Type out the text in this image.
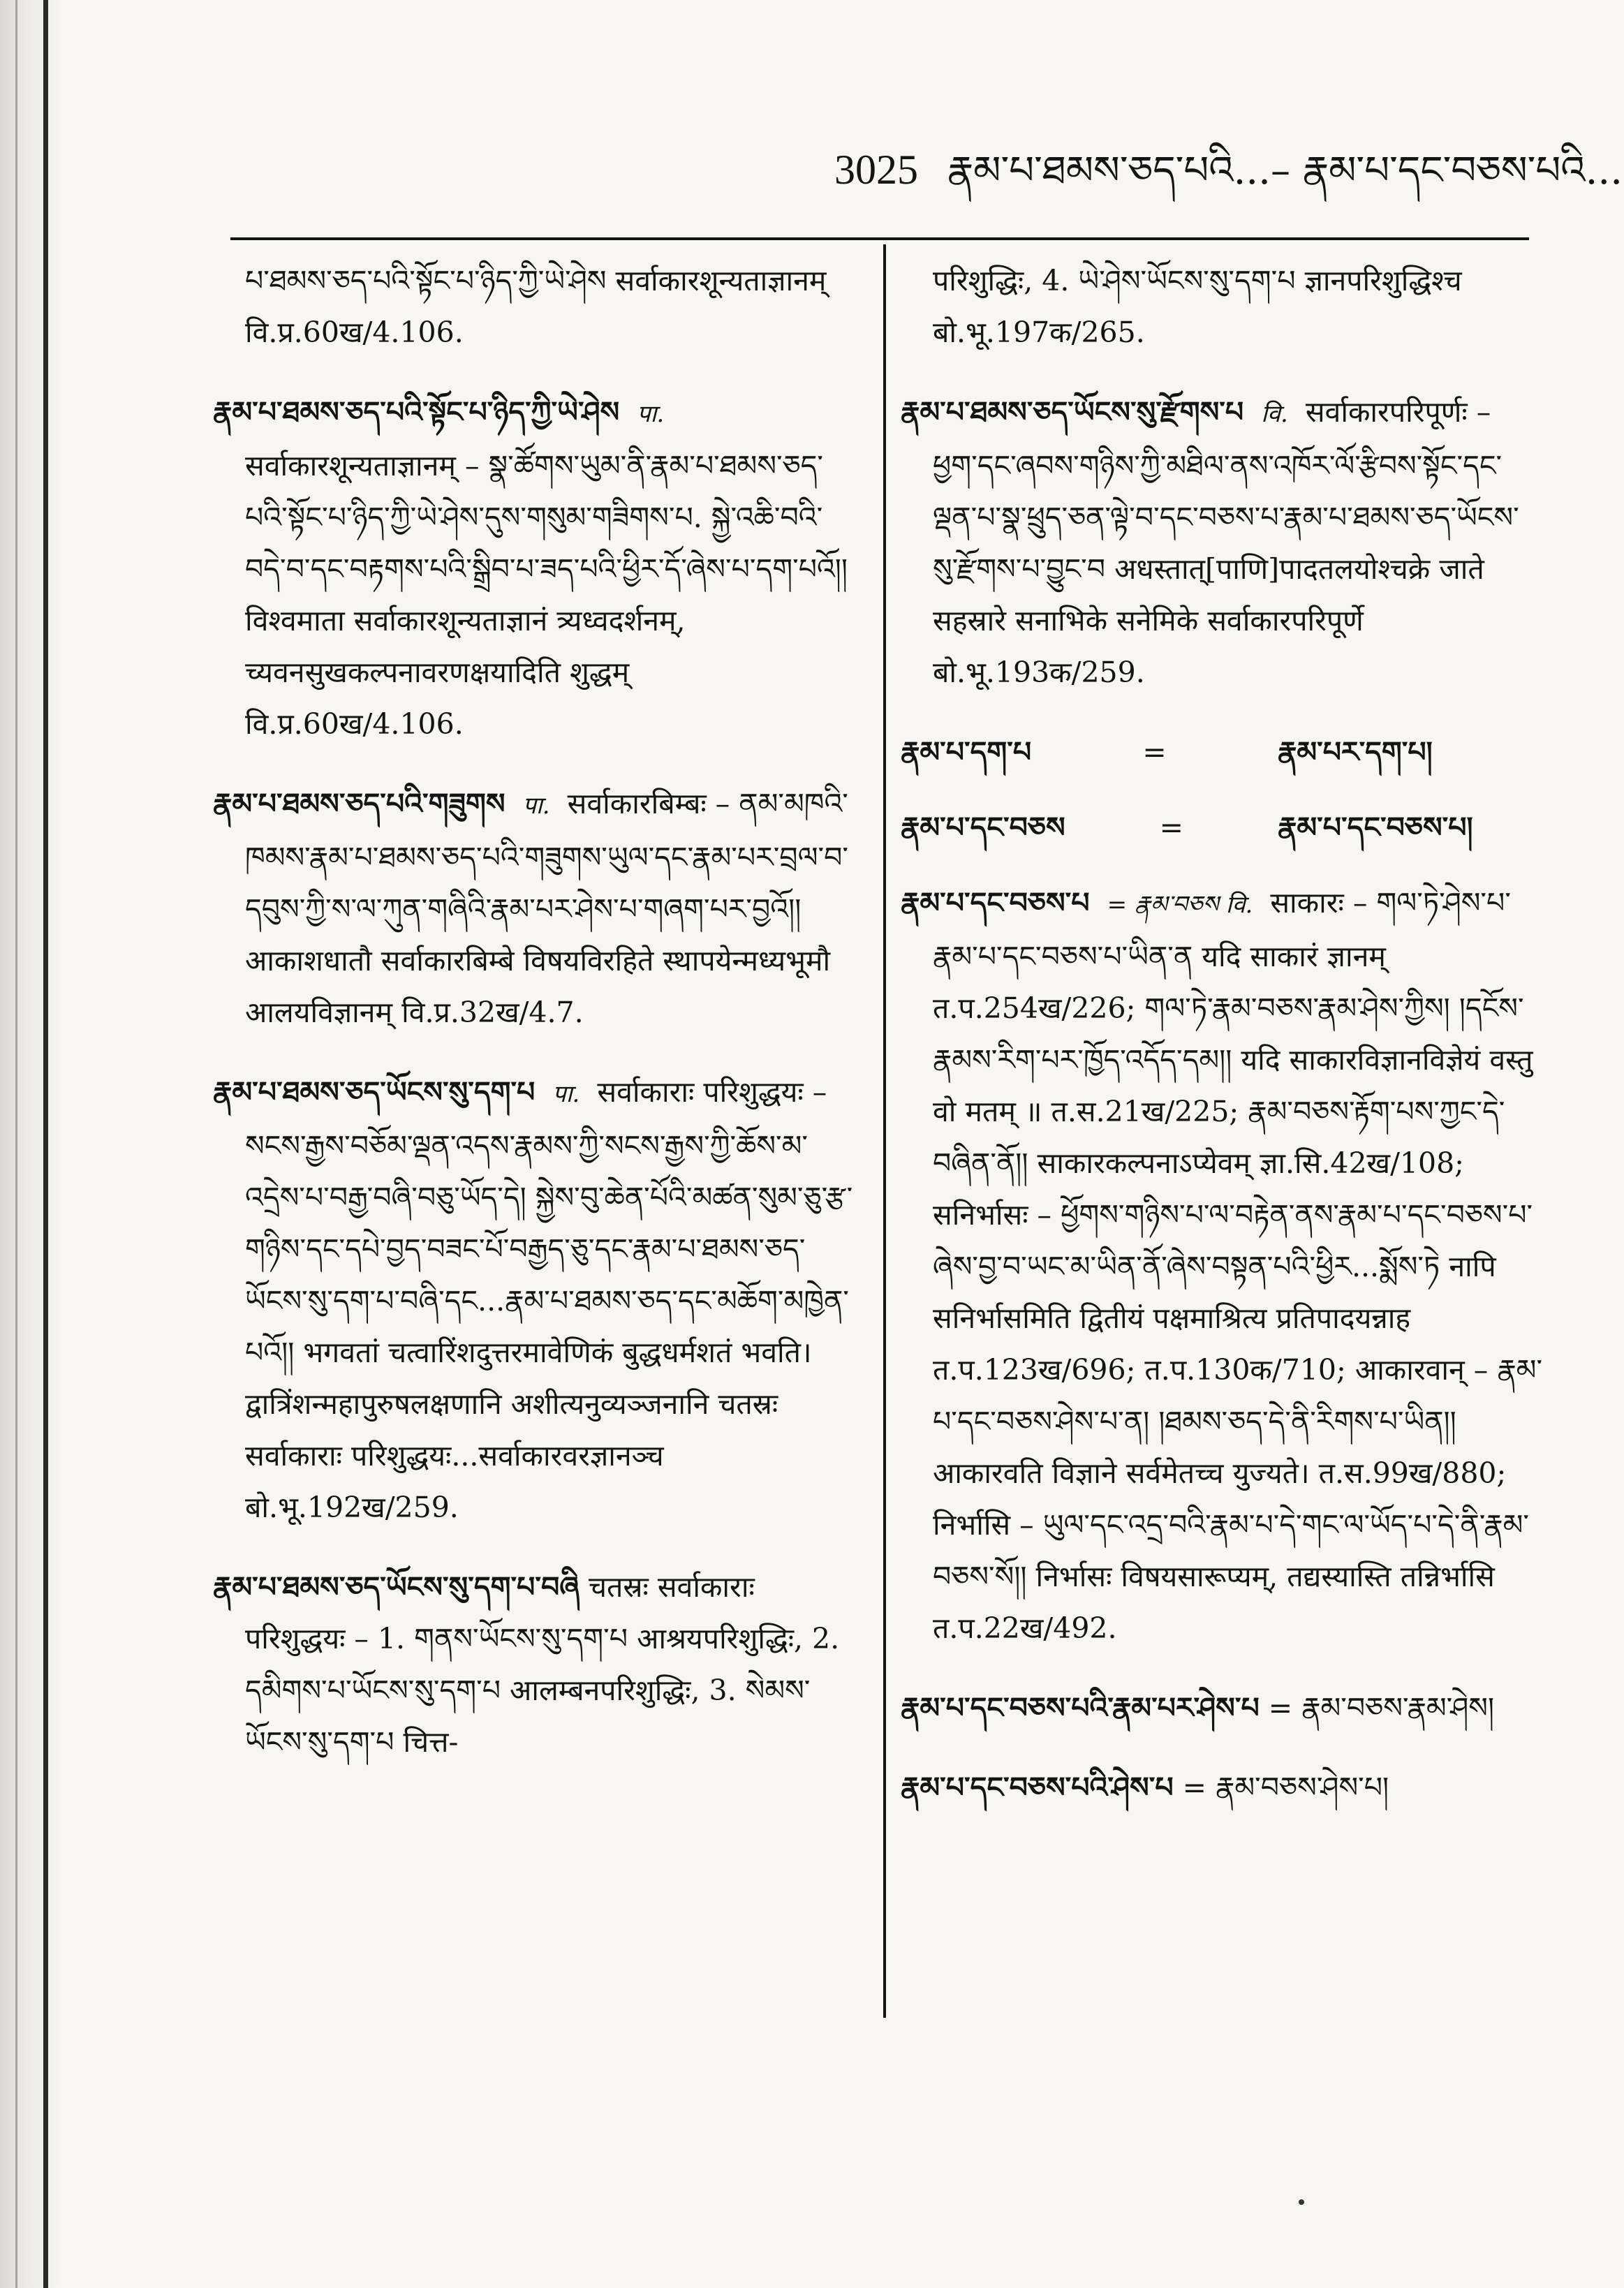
3025 རྣམ་པ་ཐམས་ཅད་པའི...– རྣམ་པ་དང་བཅས་པའི...

པ་ཐམས་ཅད་པའི་སྟོང་པ་ཉིད་ཀྱི་ཡེ་ཤེས सर्वाकारशून्यताज्ञानम् वि.प्र.60ख/4.106.

རྣམ་པ་ཐམས་ཅད་པའི་སྟོང་པ་ཉིད་ཀྱི་ཡེ་ཤེས पा. सर्वाकारशून्यताज्ञानम् – སྣ་ཚོགས་ཡུམ་ནི་རྣམ་པ་ཐམས་ཅད་པའི་སྟོང་པ་ཉིད་ཀྱི་ཡེ་ཤེས་དུས་གསུམ་གཟིགས་པ. སྐྱེ་འཆི་བའི་བདེ་བ་དང་བརྟགས་པའི་སྒྲིབ་པ་ཟད་པའི་ཕྱིར་དོ་ཞེས་པ་དག་པའོ།། विश्वमाता सर्वाकारशून्यताज्ञानं त्र्यध्वदर्शनम्, च्यवनसुखकल्पनावरणक्षयादिति शुद्धम् वि.प्र.60ख/4.106.

རྣམ་པ་ཐམས་ཅད་པའི་གཟུགས पा. सर्वाकारबिम्बः – ནམ་མཁའི་ཁམས་རྣམ་པ་ཐམས་ཅད་པའི་གཟུགས་ཡུལ་དང་རྣམ་པར་བྲལ་བ་དབུས་ཀྱི་ས་ལ་ཀུན་གཞིའི་རྣམ་པར་ཤེས་པ་གཞག་པར་བྱའོ།། आकाशधातौ सर्वाकारबिम्बे विषयविरहिते स्थापयेन्मध्यभूमौ आलयविज्ञानम् वि.प्र.32ख/4.7.

རྣམ་པ་ཐམས་ཅད་ཡོངས་སུ་དག་པ पा. सर्वाकाराः परिशुद्धयः – སངས་རྒྱས་བཅོམ་ལྡན་འདས་རྣམས་ཀྱི་སངས་རྒྱས་ཀྱི་ཆོས་མ་འདྲེས་པ་བརྒྱ་བཞི་བཅུ་ཡོད་དེ། སྐྱེས་བུ་ཆེན་པོའི་མཚན་སུམ་ཅུ་རྩ་གཉིས་དང་དཔེ་བྱད་བཟང་པོ་བརྒྱད་ཅུ་དང་རྣམ་པ་ཐམས་ཅད་ཡོངས་སུ་དག་པ་བཞི་དང...རྣམ་པ་ཐམས་ཅད་དང་མཆོག་མཁྱེན་པའོ།། भगवतां चत्वारिंशदुत्तरमावेणिकं बुद्धधर्मशतं भवति। द्वात्रिंशन्महापुरुषलक्षणानि अशीत्यनुव्यञ्जनानि चतस्रः सर्वाकाराः परिशुद्धयः...सर्वाकारवरज्ञानञ्च बो.भू.192ख/259.

རྣམ་པ་ཐམས་ཅད་ཡོངས་སུ་དག་པ་བཞི चतस्रः सर्वाकाराः परिशुद्धयः – 1. གནས་ཡོངས་སུ་དག་པ आश्रयपरिशुद्धिः, 2. དམིགས་པ་ཡོངས་སུ་དག་པ आलम्बनपरिशुद्धिः, 3. སེམས་ཡོངས་སུ་དག་པ चित्त-

परिशुद्धिः, 4. ཡེ་ཤེས་ཡོངས་སུ་དག་པ ज्ञानपरिशुद्धिश्च बो.भू.197क/265.

རྣམ་པ་ཐམས་ཅད་ཡོངས་སུ་རྫོགས་པ वि. सर्वाकारपरिपूर्णः – ཕྱག་དང་ཞབས་གཉིས་ཀྱི་མཐིལ་ནས་འཁོར་ལོ་རྩིབས་སྟོང་དང་ལྡན་པ་སྣ་ཕྲུད་ཅན་ལྟེ་བ་དང་བཅས་པ་རྣམ་པ་ཐམས་ཅད་ཡོངས་སུ་རྫོགས་པ་བྱུང་བ अधस्तात्[पाणि]पादतलयोश्चक्रे जाते सहस्रारे सनाभिके सनेमिके सर्वाकारपरिपूर्णे बो.भू.193क/259.

རྣམ་པ་དག་པ	=	རྣམ་པར་དག་པ།
རྣམ་པ་དང་བཅས	=	རྣམ་པ་དང་བཅས་པ།

རྣམ་པ་དང་བཅས་པ = རྣམ་བཅས वि. साकारः – གལ་ཏེ་ཤེས་པ་རྣམ་པ་དང་བཅས་པ་ཡིན་ན यदि साकारं ज्ञानम् त.प.254ख/226; གལ་ཏེ་རྣམ་བཅས་རྣམ་ཤེས་ཀྱིས། །དངོས་རྣམས་རིག་པར་ཁྱོད་འདོད་དམ།། यदि साकारविज्ञानविज्ञेयं वस्तु वो मतम् ॥ त.स.21ख/225; རྣམ་བཅས་རྟོག་པས་ཀྱང་དེ་བཞིན་ནོ།། साकारकल्पनाऽप्येवम् ज्ञा.सि.42ख/108; सनिर्भासः – ཕྱོགས་གཉིས་པ་ལ་བརྟེན་ནས་རྣམ་པ་དང་བཅས་པ་ཞེས་བྱ་བ་ཡང་མ་ཡིན་ནོ་ཞེས་བསྟན་པའི་ཕྱིར...སྨོས་ཏེ नापि सनिर्भासमिति द्वितीयं पक्षमाश्रित्य प्रतिपादयन्नाह त.प.123ख/696; त.प.130क/710; आकारवान् – རྣམ་པ་དང་བཅས་ཤེས་པ་ན། །ཐམས་ཅད་དེ་ནི་རིགས་པ་ཡིན།། आकारवति विज्ञाने सर्वमेतच्च युज्यते। त.स.99ख/880; निर्भासि – ཡུལ་དང་འདྲ་བའི་རྣམ་པ་དེ་གང་ལ་ཡོད་པ་དེ་ནི་རྣམ་བཅས་སོ།། निर्भासः विषयसारूप्यम्, तद्यस्यास्ति तन्निर्भासि त.प.22ख/492.

རྣམ་པ་དང་བཅས་པའི་རྣམ་པར་ཤེས་པ = རྣམ་བཅས་རྣམ་ཤེས།

རྣམ་པ་དང་བཅས་པའི་ཤེས་པ = རྣམ་བཅས་ཤེས་པ།
